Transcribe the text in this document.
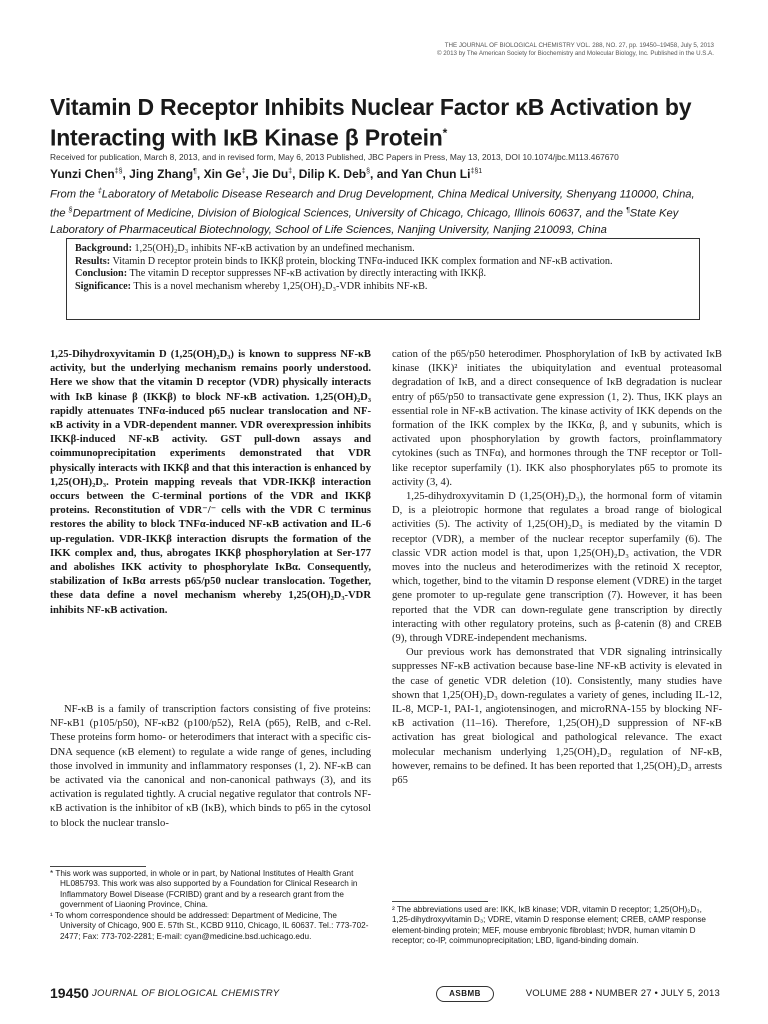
THE JOURNAL OF BIOLOGICAL CHEMISTRY VOL. 288, NO. 27, pp. 19450–19458, July 5, 2013
© 2013 by The American Society for Biochemistry and Molecular Biology, Inc. Published in the U.S.A.
Vitamin D Receptor Inhibits Nuclear Factor κB Activation by
Interacting with IκB Kinase β Protein*
Received for publication, March 8, 2013, and in revised form, May 6, 2013 Published, JBC Papers in Press, May 13, 2013, DOI 10.1074/jbc.M113.467670
Yunzi Chen‡§, Jing Zhang¶, Xin Ge‡, Jie Du‡, Dilip K. Deb§, and Yan Chun Li$^{\ddagger\S 1}$
From the ‡Laboratory of Metabolic Disease Research and Drug Development, China Medical University, Shenyang 110000, China,
the §Department of Medicine, Division of Biological Sciences, University of Chicago, Chicago, Illinois 60637, and the ¶State Key
Laboratory of Pharmaceutical Biotechnology, School of Life Sciences, Nanjing University, Nanjing 210093, China

Background: 1,25(OH)₂D₃ inhibits NF-κB activation by an undefined mechanism.

Results: Vitamin D receptor protein binds to IKKβ protein, blocking TNFα-induced IKK complex formation and NF-κB activation.

Conclusion: The vitamin D receptor suppresses NF-κB activation by directly interacting with IKKβ.

Significance: This is a novel mechanism whereby 1,25(OH)₂D₃-VDR inhibits NF-κB.

1,25-Dihydroxyvitamin D (1,25(OH)₂D₃) is known to suppress NF-κB activity, but the underlying mechanism remains poorly understood. Here we show that the vitamin D receptor (VDR) physically interacts with IκB kinase β (IKKβ) to block NF-κB activation. 1,25(OH)₂D₃ rapidly attenuates TNFα-induced p65 nuclear translocation and NF-κB activity in a VDR-dependent manner. VDR overexpression inhibits IKKβ-induced NF-κB activity. GST pull-down assays and coimmunoprecipitation experiments demonstrated that VDR physically interacts with IKKβ and that this interaction is enhanced by 1,25(OH)₂D₃. Protein mapping reveals that VDR-IKKβ interaction occurs between the C-terminal portions of the VDR and IKKβ proteins. Reconstitution of VDR⁻/⁻ cells with the VDR C terminus restores the ability to block TNFα-induced NF-κB activation and IL-6 up-regulation. VDR-IKKβ interaction disrupts the formation of the IKK complex and, thus, abrogates IKKβ phosphorylation at Ser-177 and abolishes IKK activity to phosphorylate IκBα. Consequently, stabilization of IκBα arrests p65/p50 nuclear translocation. Together, these data define a novel mechanism whereby 1,25(OH)₂D₃-VDR inhibits NF-κB activation.

NF-κB is a family of transcription factors consisting of five proteins: NF-κB1 (p105/p50), NF-κB2 (p100/p52), RelA (p65), RelB, and c-Rel. These proteins form homo- or heterodimers that interact with a specific cis-DNA sequence (κB element) to regulate a wide range of genes, including those involved in immunity and inflammatory responses (1, 2). NF-κB can be activated via the canonical and non-canonical pathways (3), and its activation is regulated tightly. A crucial negative regulator that controls NF-κB activation is the inhibitor of κB (IκB), which binds to p65 in the cytosol to block the nuclear translo-

cation of the p65/p50 heterodimer. Phosphorylation of IκB by activated IκB kinase (IKK)² initiates the ubiquitylation and eventual proteasomal degradation of IκB, and a direct consequence of IκB degradation is nuclear entry of p65/p50 to transactivate gene expression (1, 2). Thus, IKK plays an essential role in NF-κB activation. The kinase activity of IKK depends on the formation of the IKK complex by the IKKα, β, and γ subunits, which is activated upon phosphorylation by growth factors, proinflammatory cytokines (such as TNFα), and hormones through the TNF receptor or Toll-like receptor superfamily (1). IKK also phosphorylates p65 to promote its activity (3, 4).

1,25-dihydroxyvitamin D (1,25(OH)₂D₃), the hormonal form of vitamin D, is a pleiotropic hormone that regulates a broad range of biological activities (5). The activity of 1,25(OH)₂D₃ is mediated by the vitamin D receptor (VDR), a member of the nuclear receptor superfamily (6). The classic VDR action model is that, upon 1,25(OH)₂D₃ activation, the VDR moves into the nucleus and heterodimerizes with the retinoid X receptor, which, together, bind to the vitamin D response element (VDRE) in the target gene promoter to up-regulate gene transcription (7). However, it has been reported that the VDR can down-regulate gene transcription by directly interacting with other regulatory proteins, such as β-catenin (8) and CREB (9), through VDRE-independent mechanisms.

Our previous work has demonstrated that VDR signaling intrinsically suppresses NF-κB activation because base-line NF-κB activity is elevated in the case of genetic VDR deletion (10). Consistently, many studies have shown that 1,25(OH)₂D₃ down-regulates a variety of genes, including IL-12, IL-8, MCP-1, PAI-1, angiotensinogen, and microRNA-155 by blocking NF-κB activation (11–16). Therefore, 1,25(OH)₂D suppression of NF-κB activation has great biological and pathological relevance. The exact molecular mechanism underlying 1,25(OH)₂D₃ regulation of NF-κB, however, remains to be defined. It has been reported that 1,25(OH)₂D₃ arrests p65

* This work was supported, in whole or in part, by National Institutes of Health Grant HL085793. This work was also supported by a Foundation for Clinical Research in Inflammatory Bowel Disease (FCRIBD) grant and by a research grant from the government of Liaoning Province, China.

¹ To whom correspondence should be addressed: Department of Medicine, The University of Chicago, 900 E. 57th St., KCBD 9110, Chicago, IL 60637. Tel.: 773-702-2477; Fax: 773-702-2281; E-mail: cyan@medicine.bsd.uchicago.edu.

² The abbreviations used are: IKK, IκB kinase; VDR, vitamin D receptor; 1,25(OH)₂D₃, 1,25-dihydroxyvitamin D₃; VDRE, vitamin D response element; CREB, cAMP response element-binding protein; MEF, mouse embryonic fibroblast; hVDR, human vitamin D receptor; co-IP, coimmunoprecipitation; LBD, ligand-binding domain.
19450 JOURNAL OF BIOLOGICAL CHEMISTRY	ASBMB	VOLUME 288 • NUMBER 27 • JULY 5, 2013
